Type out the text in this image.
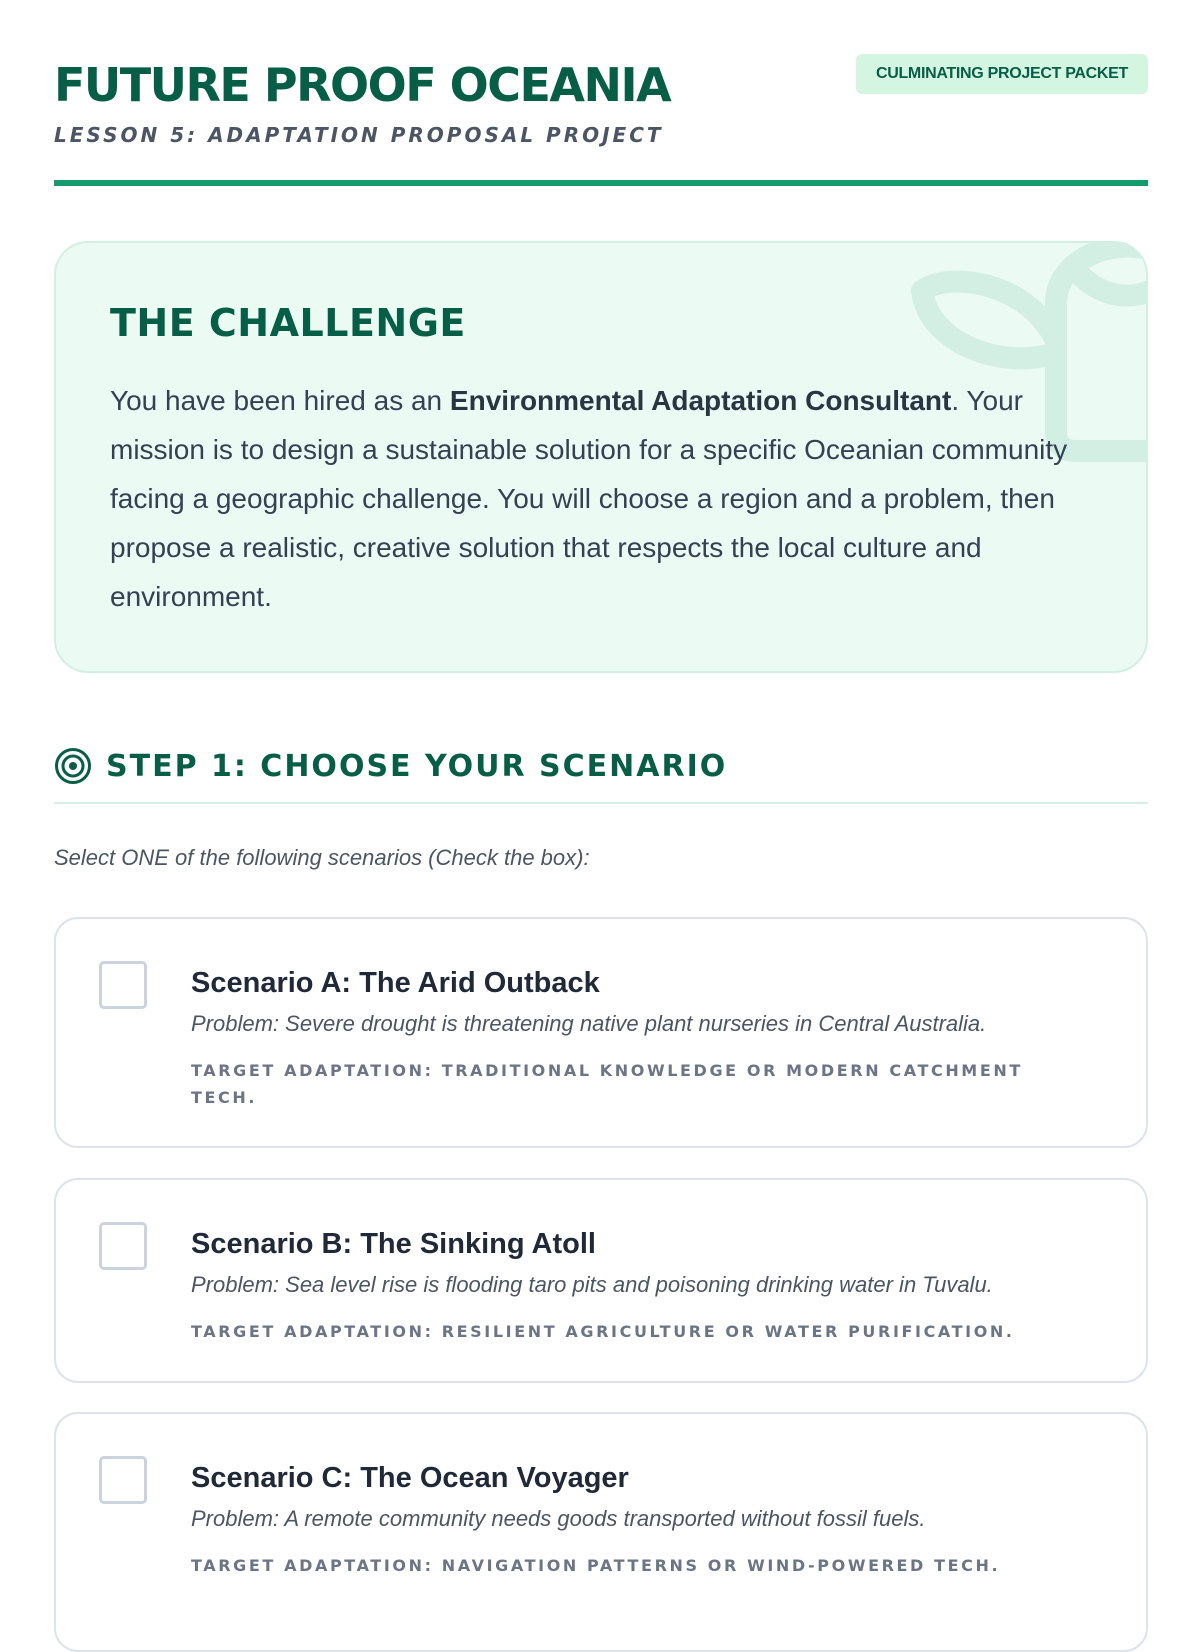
FUTURE PROOF OCEANIA

LESSON 5: ADAPTATION PROPOSAL PROJECT

CULMINATING PROJECT PACKET
THE CHALLENGE

You have been hired as an Environmental Adaptation Consultant. Your mission is to design a sustainable solution for a specific Oceanian community facing a geographic challenge. You will choose a region and a problem, then propose a realistic, creative solution that respects the local culture and environment.

STEP 1: CHOOSE YOUR SCENARIO

Select ONE of the following scenarios (Check the box):

Scenario A: The Arid Outback

Problem: Severe drought is threatening native plant nurseries in Central Australia.

TARGET ADAPTATION: TRADITIONAL KNOWLEDGE OR MODERN CATCHMENT TECH.

Scenario B: The Sinking Atoll

Problem: Sea level rise is flooding taro pits and poisoning drinking water in Tuvalu.

TARGET ADAPTATION: RESILIENT AGRICULTURE OR WATER PURIFICATION.

Scenario C: The Ocean Voyager

Problem: A remote community needs goods transported without fossil fuels.

TARGET ADAPTATION: NAVIGATION PATTERNS OR WIND-POWERED TECH.
